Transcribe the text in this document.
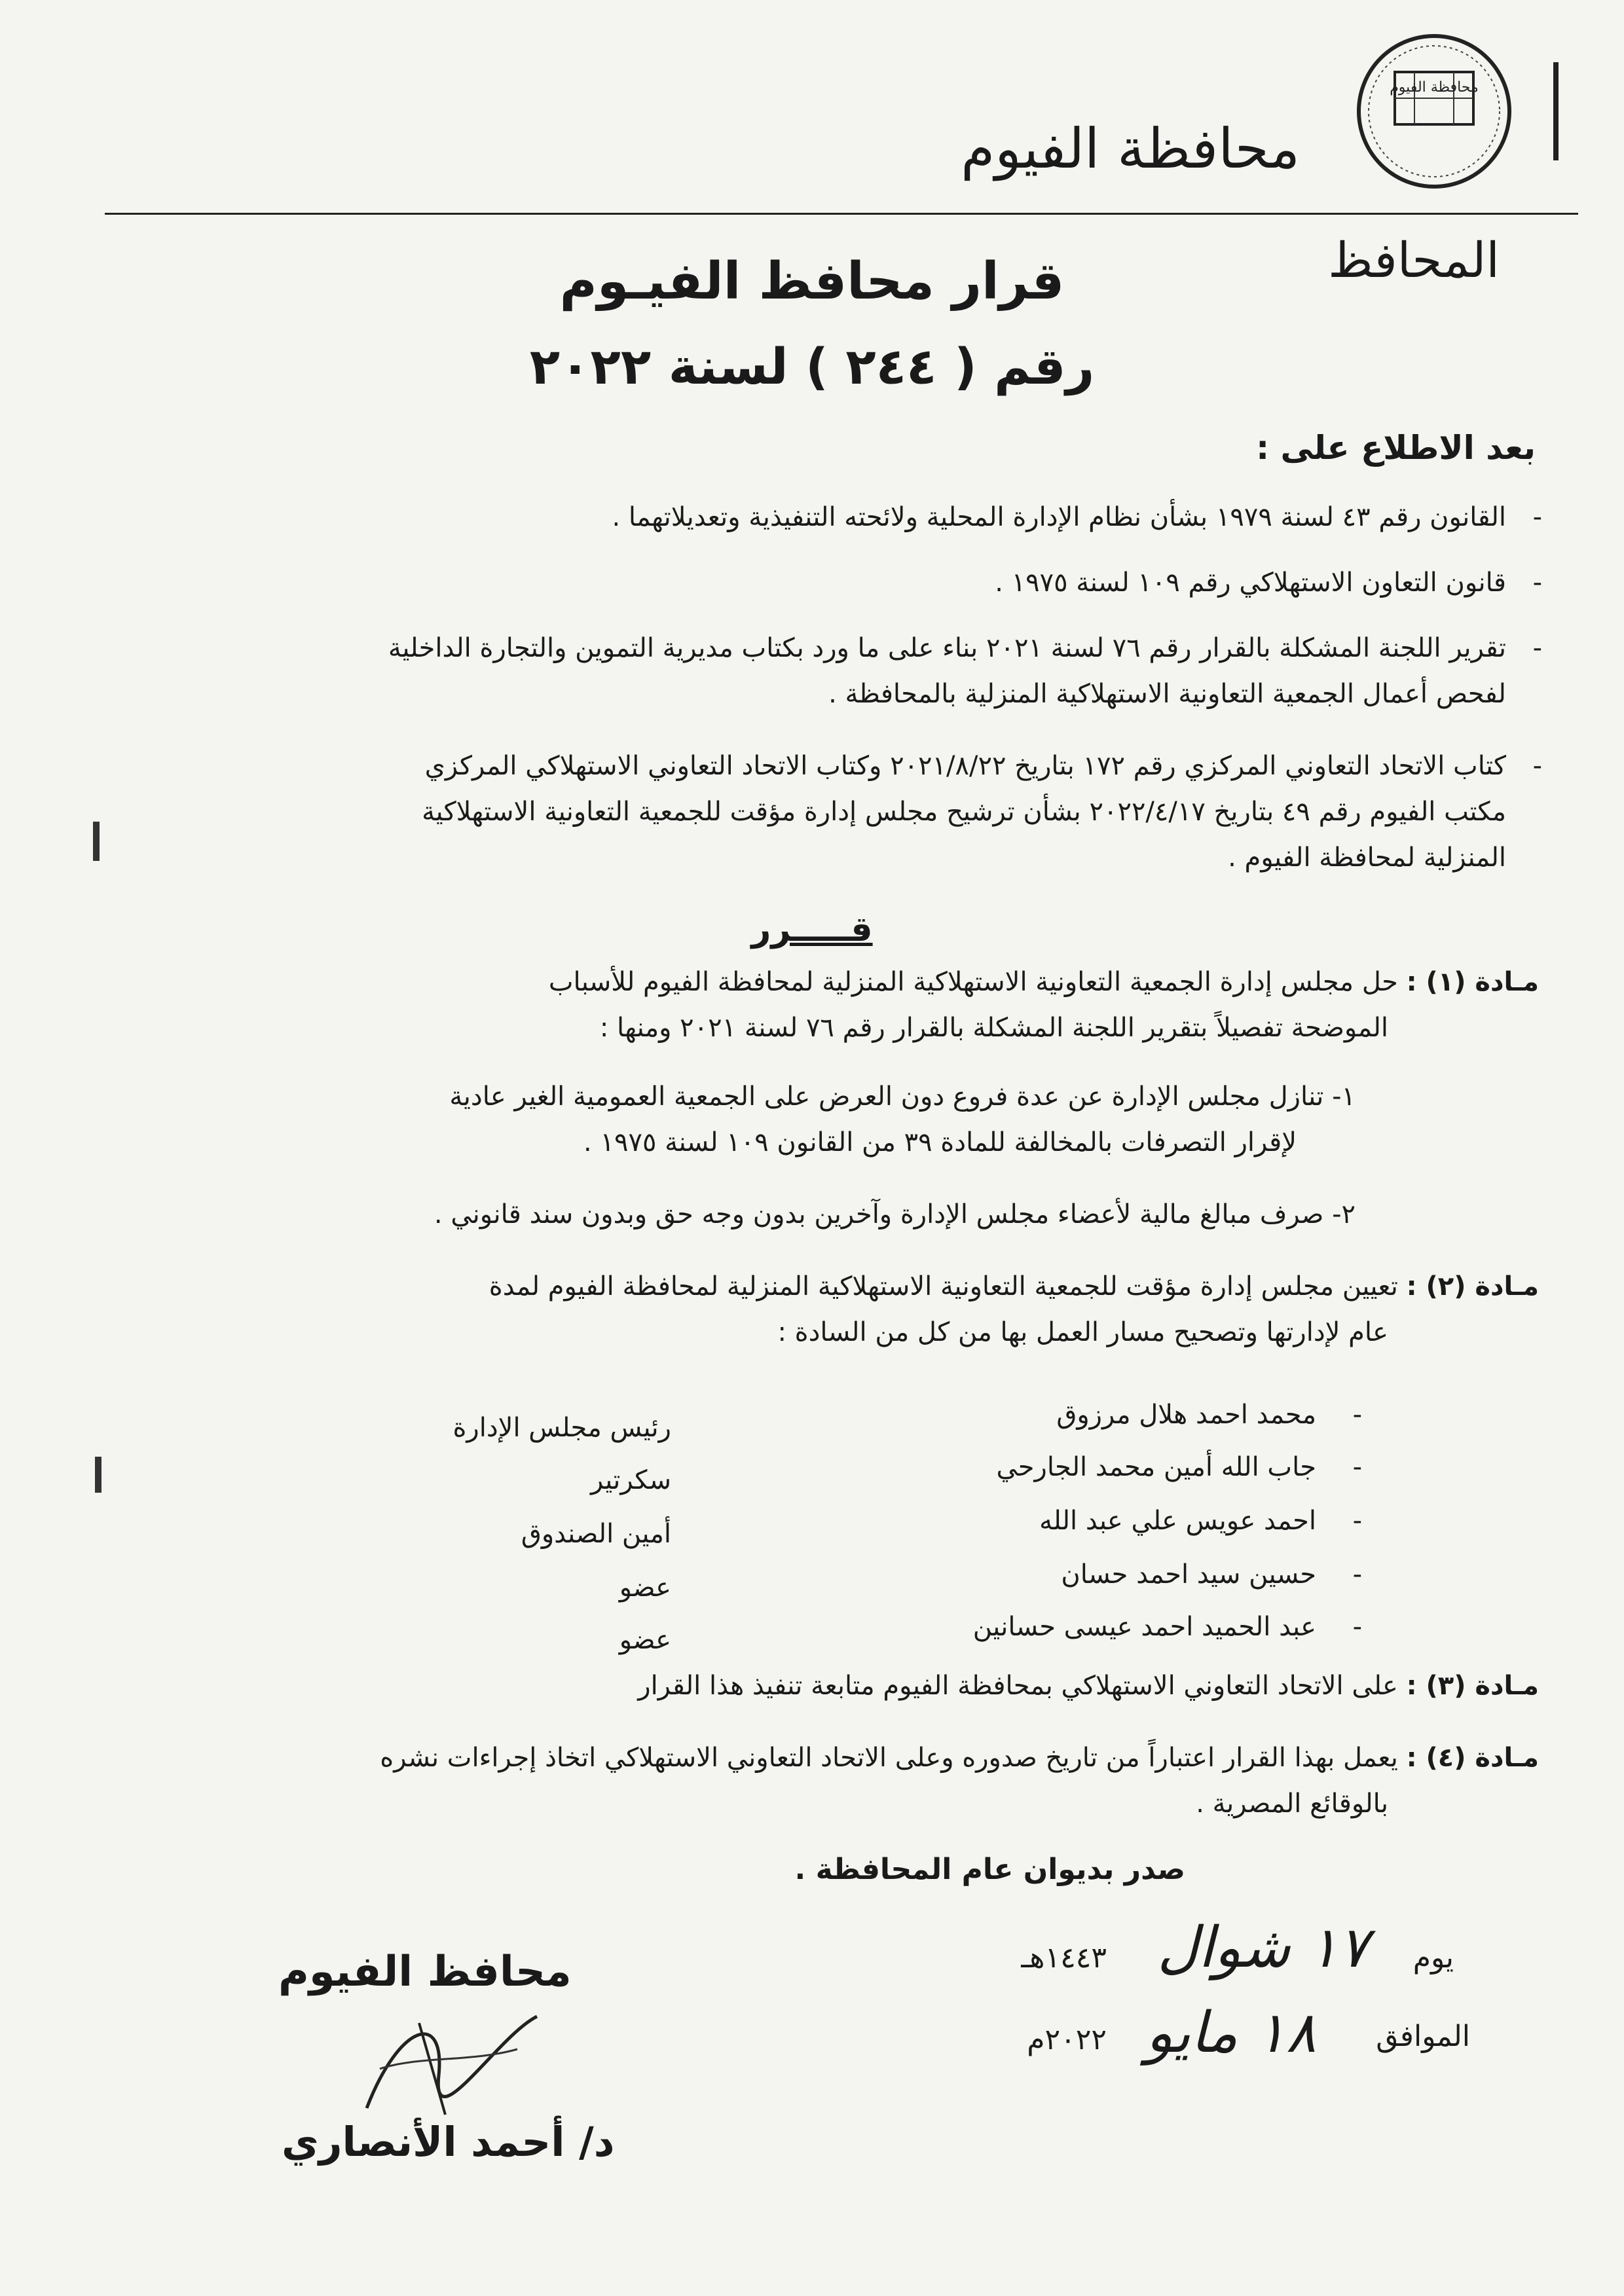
محافظة الفيوم
محافظة الفيوم
المحافظ
قرار محافظ الفيـوم
رقم ( ٢٤٤ ) لسنة ٢٠٢٢
بعد الاطلاع على :
-
القانون رقم ٤٣ لسنة ١٩٧٩ بشأن نظام الإدارة المحلية ولائحته التنفيذية وتعديلاتهما .
-
قانون التعاون الاستهلاكي رقم ١٠٩ لسنة ١٩٧٥ .
-
تقرير اللجنة المشكلة بالقرار رقم ٧٦ لسنة ٢٠٢١ بناء على ما ورد بكتاب مديرية التموين والتجارة الداخلية
لفحص أعمال الجمعية التعاونية الاستهلاكية المنزلية بالمحافظة .
-
كتاب الاتحاد التعاوني المركزي رقم ١٧٢ بتاريخ ٢٠٢١/٨/٢٢ وكتاب الاتحاد التعاوني الاستهلاكي المركزي
مكتب الفيوم رقم ٤٩ بتاريخ ٢٠٢٢/٤/١٧ بشأن ترشيح مجلس إدارة مؤقت للجمعية التعاونية الاستهلاكية
المنزلية لمحافظة الفيوم .
قـــــرر
مـادة (١) : حل مجلس إدارة الجمعية التعاونية الاستهلاكية المنزلية لمحافظة الفيوم للأسباب
الموضحة تفصيلاً بتقرير اللجنة المشكلة بالقرار رقم ٧٦ لسنة ٢٠٢١ ومنها :
١- تنازل مجلس الإدارة عن عدة فروع دون العرض على الجمعية العمومية الغير عادية
لإقرار التصرفات بالمخالفة للمادة ٣٩ من القانون ١٠٩ لسنة ١٩٧٥ .
٢- صرف مبالغ مالية لأعضاء مجلس الإدارة وآخرين بدون وجه حق وبدون سند قانوني .
مـادة (٢) : تعيين مجلس إدارة مؤقت للجمعية التعاونية الاستهلاكية المنزلية لمحافظة الفيوم لمدة
عام لإدارتها وتصحيح مسار العمل بها من كل من السادة :
-
محمد احمد هلال مرزوق
رئيس مجلس الإدارة
-
جاب الله أمين محمد الجارحي
سكرتير
-
احمد عويس علي عبد الله
أمين الصندوق
-
حسين سيد احمد حسان
عضو
-
عبد الحميد احمد عيسى حسانين
عضو
مـادة (٣) : على الاتحاد التعاوني الاستهلاكي بمحافظة الفيوم متابعة تنفيذ هذا القرار
مـادة (٤) : يعمل بهذا القرار اعتباراً من تاريخ صدوره وعلى الاتحاد التعاوني الاستهلاكي اتخاذ إجراءات نشره
بالوقائع المصرية .
صدر بديوان عام المحافظة .
يوم
١٧ شوال
١٤٤٣هـ
الموافق
١٨ مايو
٢٠٢٢م
محافظ الفيوم
د/ أحمد الأنصاري
